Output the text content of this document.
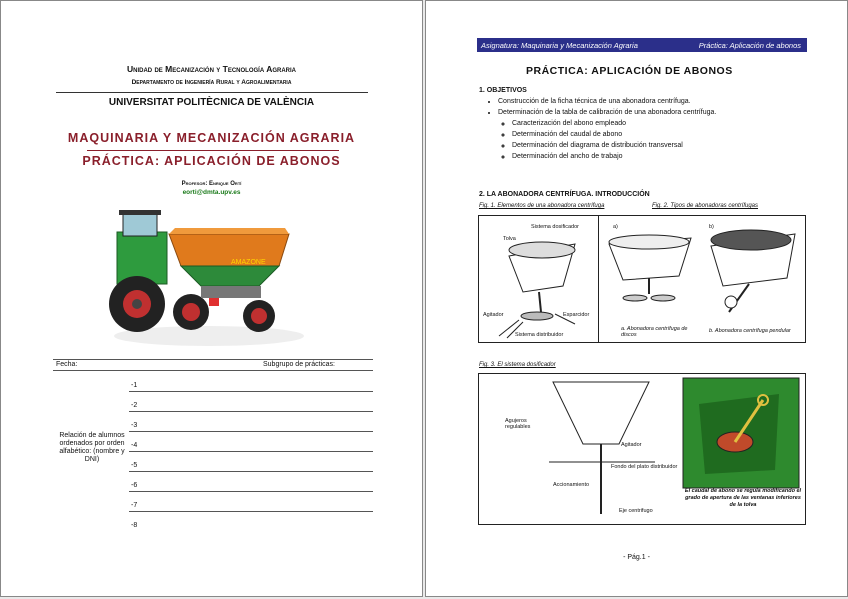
Unidad de Mecanización y Tecnología Agraria
Departamento de Ingeniería Rural y Agroalimentaria
UNIVERSITAT POLITÈCNICA DE VALÈNCIA
MAQUINARIA Y MECANIZACIÓN AGRARIA
PRÁCTICA: APLICACIÓN DE ABONOS
Profesor: Enrique Ortí
eorti@dmta.upv.es
AMAZONE
Fecha:	Subgrupo de prácticas:
Relación de alumnos ordenados por orden alfabético: (nombre y DNI)
-1
-2
-3
-4
-5
-6
-7
-8
Asignatura: Maquinaria y Mecanización Agraria	Práctica: Aplicación de abonos
PRÁCTICA: APLICACIÓN DE ABONOS
1. OBJETIVOS
• Construcción de la ficha técnica de una abonadora centrífuga.
• Determinación de la tabla de calibración de una abonadora centrífuga.
◦ Caracterización del abono empleado
◦ Determinación del caudal de abono
◦ Determinación del diagrama de distribución transversal
◦ Determinación del ancho de trabajo
2. LA ABONADORA CENTRÍFUGA. INTRODUCCIÓN
Fig. 1. Elementos de una abonadora centrífuga	Fig. 2. Tipos de abonadoras centrífugas
Tolva
Sistema dosificador
Agitador	Esparcidor
Sistema distribuidor
a)	b)
a. Abonadora centrífuga de discos
b. Abonadora centrífuga pendular
Fig. 3. El sistema dosificador
Agujeros regulables
Agitador
Fondo del plato distribuidor
Accionamiento
Eje centrifugo
El caudal de abono se regula modificando el grado de apertura de las ventanas inferiores de la tolva
- Pág.1 -
